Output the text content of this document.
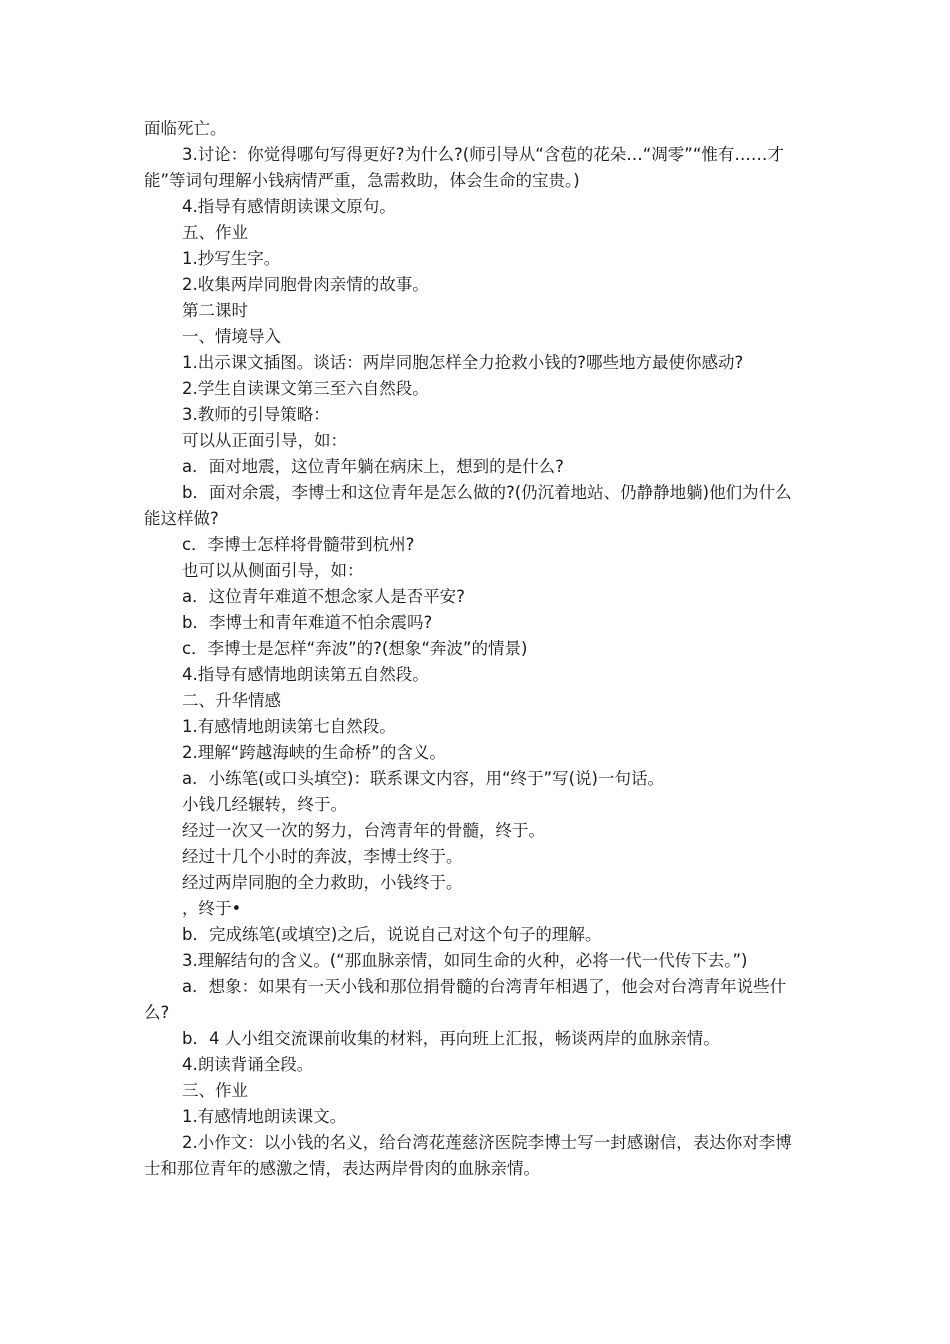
面临死亡。

3.讨论：你觉得哪句写得更好?为什么?(师引导从“含苞的花朵…“凋零”“惟有……才能”等词句理解小钱病情严重，急需救助，体会生命的宝贵。)

4.指导有感情朗读课文原句。

五、作业

1.抄写生字。

2.收集两岸同胞骨肉亲情的故事。

第二课时

一、情境导入

1.出示课文插图。谈话：两岸同胞怎样全力抢救小钱的?哪些地方最使你感动?

2.学生自读课文第三至六自然段。

3.教师的引导策略：

可以从正面引导，如：

a．面对地震，这位青年躺在病床上，想到的是什么?

b．面对余震，李博士和这位青年是怎么做的?(仍沉着地站、仍静静地躺)他们为什么能这样做?

c．李博士怎样将骨髓带到杭州?

也可以从侧面引导，如：

a．这位青年难道不想念家人是否平安?

b．李博士和青年难道不怕余震吗?

c．李博士是怎样“奔波”的?(想象“奔波”的情景)

4.指导有感情地朗读第五自然段。

二、升华情感

1.有感情地朗读第七自然段。

2.理解“跨越海峡的生命桥”的含义。

a．小练笔(或口头填空)：联系课文内容，用“终于”写(说)一句话。

小钱几经辗转，终于。

经过一次又一次的努力，台湾青年的骨髓，终于。

经过十几个小时的奔波，李博士终于。

经过两岸同胞的全力救助，小钱终于。

，终于•

b．完成练笔(或填空)之后，说说自己对这个句子的理解。

3.理解结句的含义。(“那血脉亲情，如同生命的火种，必将一代一代传下去。”)

a．想象：如果有一天小钱和那位捐骨髓的台湾青年相遇了，他会对台湾青年说些什么?

b．4 人小组交流课前收集的材料，再向班上汇报，畅谈两岸的血脉亲情。

4.朗读背诵全段。

三、作业

1.有感情地朗读课文。

2.小作文：以小钱的名义，给台湾花莲慈济医院李博士写一封感谢信，表达你对李博士和那位青年的感激之情，表达两岸骨肉的血脉亲情。
